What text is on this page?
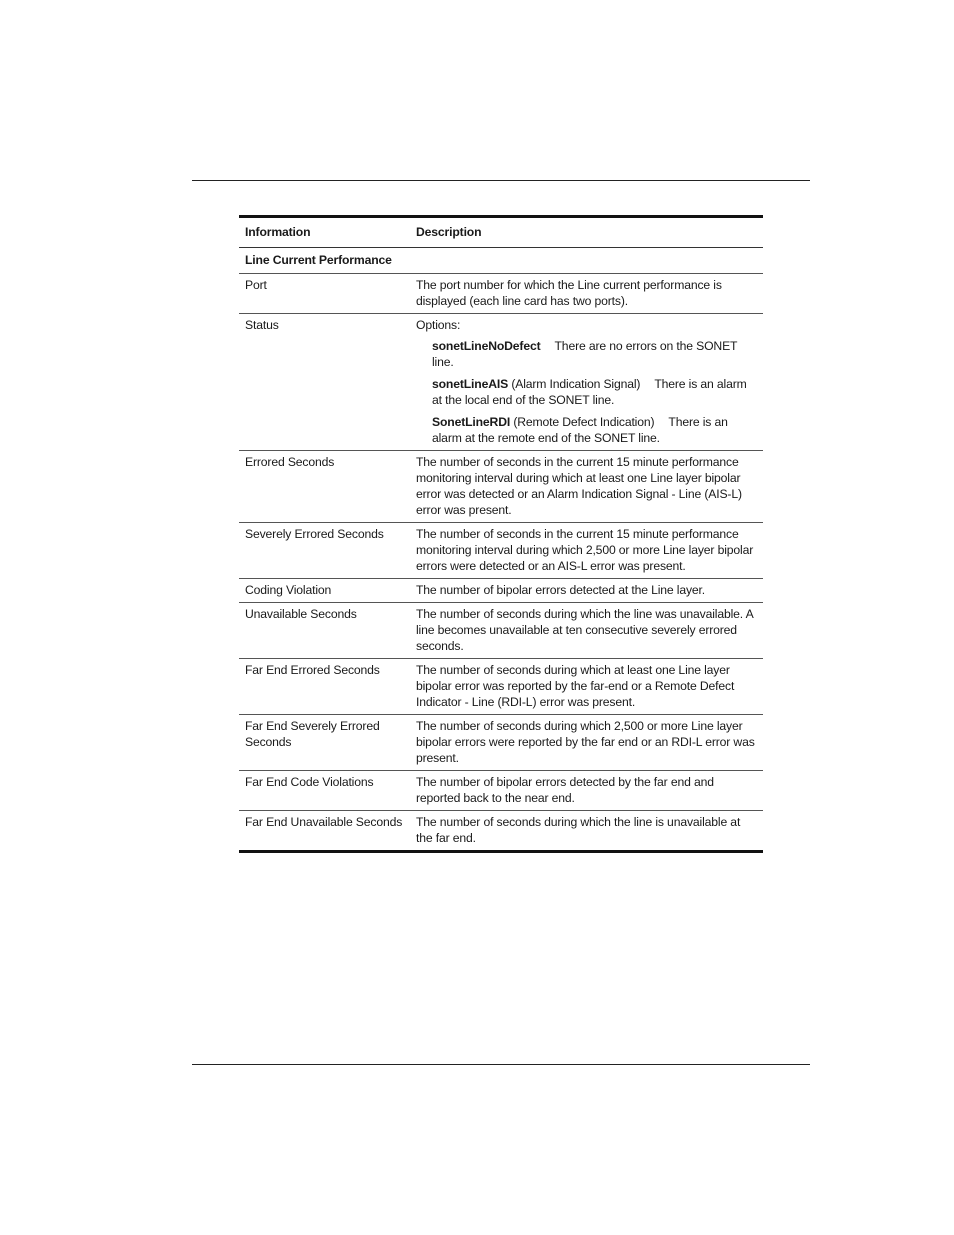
Information	Description
Line Current Performance	
Port	The port number for which the Line current performance is displayed (each line card has two ports).
Status	Options:
sonetLineNoDefect There are no errors on the SONET line.
sonetLineAIS (Alarm Indication Signal) There is an alarm at the local end of the SONET line.
SonetLineRDI (Remote Defect Indication) There is an alarm at the remote end of the SONET line.

Errored Seconds	The number of seconds in the current 15 minute performance monitoring interval during which at least one Line layer bipolar error was detected or an Alarm Indication Signal - Line (AIS-L) error was present.
Severely Errored Seconds	The number of seconds in the current 15 minute performance monitoring interval during which 2,500 or more Line layer bipolar errors were detected or an AIS-L error was present.
Coding Violation	The number of bipolar errors detected at the Line layer.
Unavailable Seconds	The number of seconds during which the line was unavailable. A line becomes unavailable at ten consecutive severely errored seconds.
Far End Errored Seconds	The number of seconds during which at least one Line layer bipolar error was reported by the far-end or a Remote Defect Indicator - Line (RDI-L) error was present.
Far End Severely Errored Seconds	The number of seconds during which 2,500 or more Line layer bipolar errors were reported by the far end or an RDI-L error was present.
Far End Code Violations	The number of bipolar errors detected by the far end and reported back to the near end.
Far End Unavailable Seconds	The number of seconds during which the line is unavailable at the far end.
